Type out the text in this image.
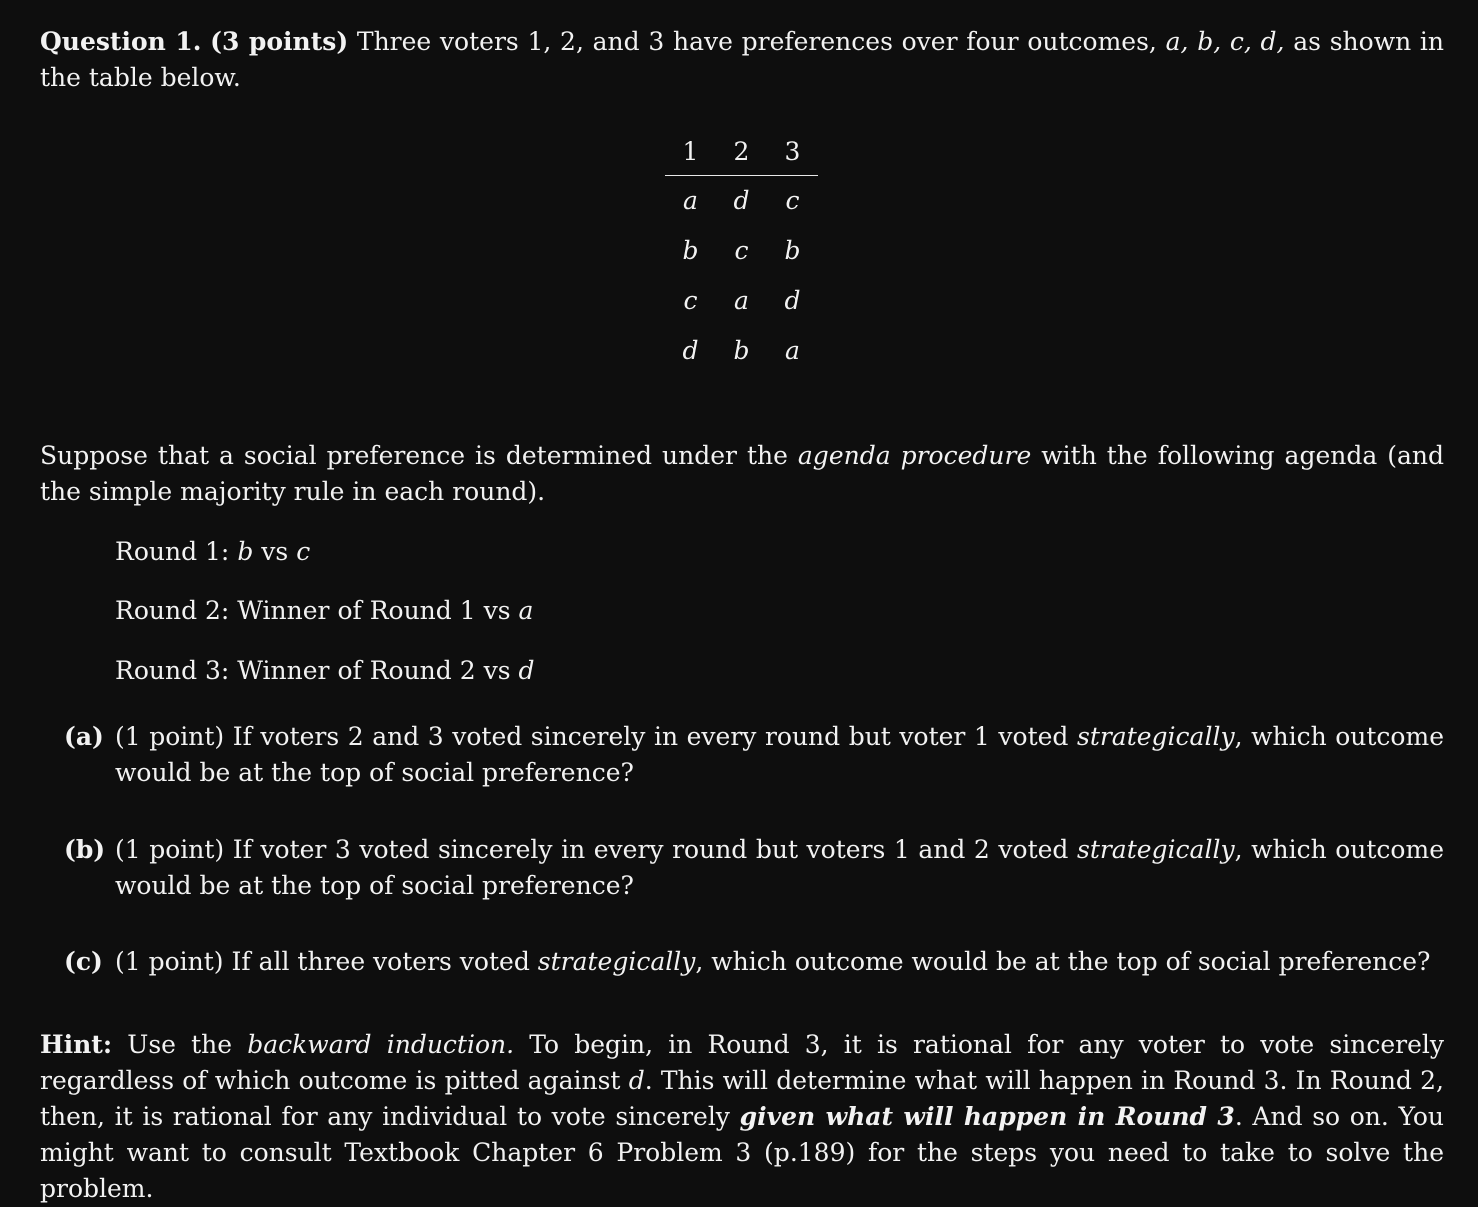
Question 1. (3 points) Three voters 1, 2, and 3 have preferences over four outcomes, a, b, c, d, as shown in the table below.

1	2	3
a	d	c
b	c	b
c	a	d
d	b	a

Suppose that a social preference is determined under the agenda procedure with the following agenda (and the simple majority rule in each round).

Round 1: b vs c

Round 2: Winner of Round 1 vs a

Round 3: Winner of Round 2 vs d

(a) (1 point) If voters 2 and 3 voted sincerely in every round but voter 1 voted strategically, which outcome would be at the top of social preference?

(b) (1 point) If voter 3 voted sincerely in every round but voters 1 and 2 voted strategically, which outcome would be at the top of social preference?

(c) (1 point) If all three voters voted strategically, which outcome would be at the top of social preference?

Hint: Use the backward induction. To begin, in Round 3, it is rational for any voter to vote sincerely regardless of which outcome is pitted against d. This will determine what will happen in Round 3. In Round 2, then, it is rational for any individual to vote sincerely given what will happen in Round 3. And so on. You might want to consult Textbook Chapter 6 Problem 3 (p.189) for the steps you need to take to solve the problem.
